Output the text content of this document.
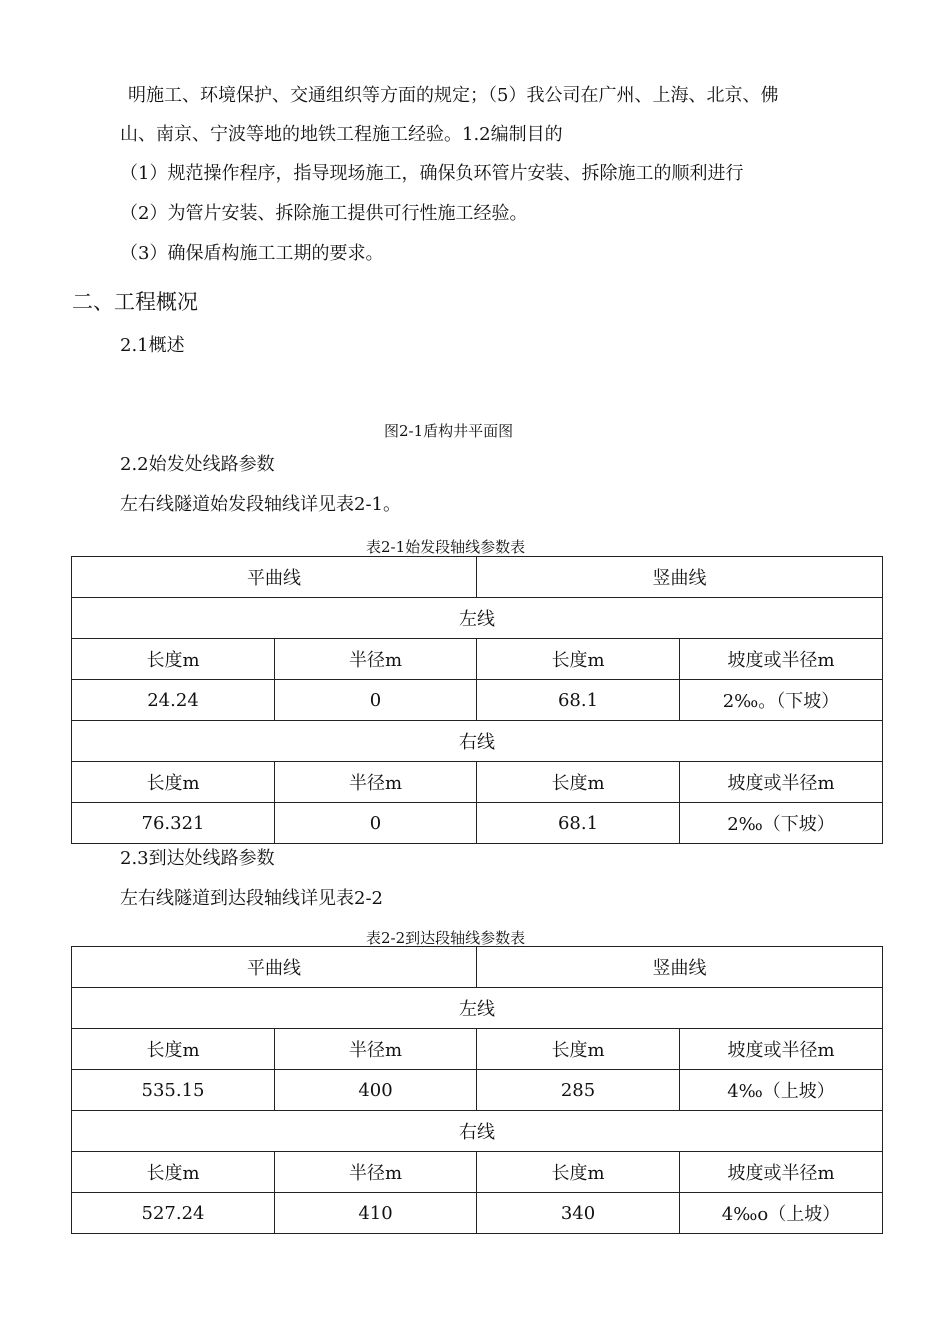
明施工、环境保护、交通组织等方面的规定；（5）我公司在广州、上海、北京、佛
山、南京、宁波等地的地铁工程施工经验。1.2编制目的
（1）规范操作程序，指导现场施工，确保负环管片安装、拆除施工的顺利进行
（2）为管片安装、拆除施工提供可行性施工经验。
（3）确保盾构施工工期的要求。
二、工程概况
2.1概述
图2-1盾构井平面图
2.2始发处线路参数
左右线隧道始发段轴线详见表2-1。
表2-1始发段轴线参数表
平曲线		竖曲线	
左线			
长度m	半径m	长度m	坡度或半径m
24.24	0	68.1	2‰。（下坡）
右线			
长度m	半径m	长度m	坡度或半径m
76.321	0	68.1	2‰（下坡）
2.3到达处线路参数
左右线隧道到达段轴线详见表2-2
表2-2到达段轴线参数表
平曲线		竖曲线	
左线			
长度m	半径m	长度m	坡度或半径m
535.15	400	285	4‰（上坡）
右线			
长度m	半径m	长度m	坡度或半径m
527.24	410	340	4‰o（上坡）
